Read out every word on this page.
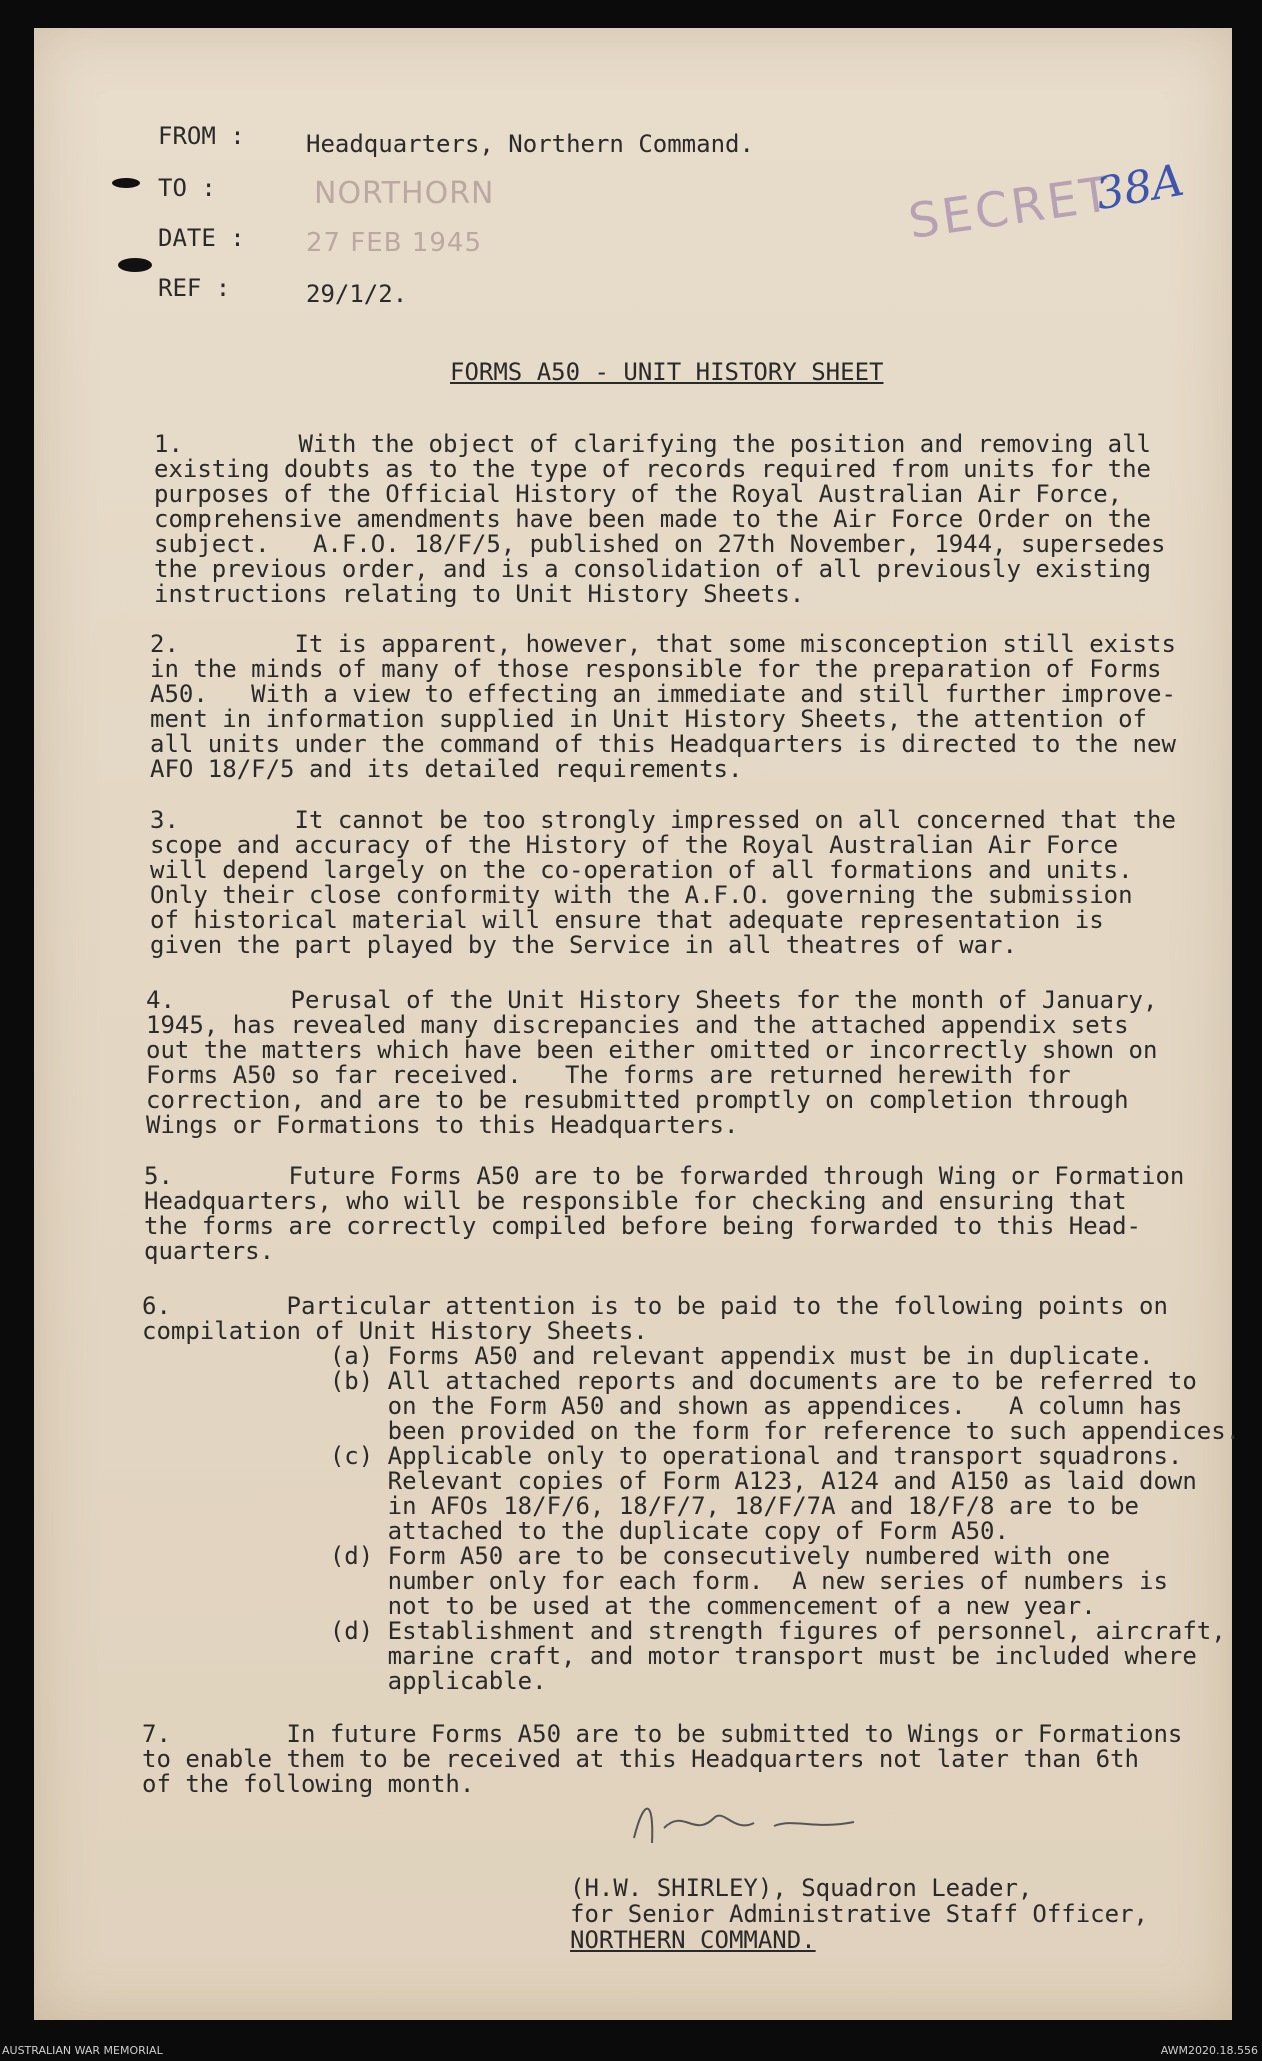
FROM :	Headquarters, Northern Command.
TO :	NORTHORN
DATE : 27 FEB 1945
REF :	29/1/2.
SECRET
38A
FORMS A50 - UNIT HISTORY SHEET
1.        With the object of clarifying the position and removing all
existing doubts as to the type of records required from units for the
purposes of the Official History of the Royal Australian Air Force,
comprehensive amendments have been made to the Air Force Order on the
subject.   A.F.O. 18/F/5, published on 27th November, 1944, supersedes
the previous order, and is a consolidation of all previously existing
instructions relating to Unit History Sheets.
2.        It is apparent, however, that some misconception still exists
in the minds of many of those responsible for the preparation of Forms
A50.   With a view to effecting an immediate and still further improve-
ment in information supplied in Unit History Sheets, the attention of
all units under the command of this Headquarters is directed to the new
AFO 18/F/5 and its detailed requirements.
3.        It cannot be too strongly impressed on all concerned that the
scope and accuracy of the History of the Royal Australian Air Force
will depend largely on the co-operation of all formations and units.
Only their close conformity with the A.F.O. governing the submission
of historical material will ensure that adequate representation is
given the part played by the Service in all theatres of war.
4.        Perusal of the Unit History Sheets for the month of January,
1945, has revealed many discrepancies and the attached appendix sets
out the matters which have been either omitted or incorrectly shown on
Forms A50 so far received.   The forms are returned herewith for
correction, and are to be resubmitted promptly on completion through
Wings or Formations to this Headquarters.
5.        Future Forms A50 are to be forwarded through Wing or Formation
Headquarters, who will be responsible for checking and ensuring that
the forms are correctly compiled before being forwarded to this Head-
quarters.
6.        Particular attention is to be paid to the following points on
compilation of Unit History Sheets.
(a) Forms A50 and relevant appendix must be in duplicate.
(b) All attached reports and documents are to be referred to
on the Form A50 and shown as appendices.   A column has
been provided on the form for reference to such appendices.
(c) Applicable only to operational and transport squadrons.
Relevant copies of Form A123, A124 and A150 as laid down
in AFOs 18/F/6, 18/F/7, 18/F/7A and 18/F/8 are to be
attached to the duplicate copy of Form A50.
(d) Form A50 are to be consecutively numbered with one
number only for each form.  A new series of numbers is
not to be used at the commencement of a new year.
(d) Establishment and strength figures of personnel, aircraft,
marine craft, and motor transport must be included where
applicable.
7.        In future Forms A50 are to be submitted to Wings or Formations
to enable them to be received at this Headquarters not later than 6th
of the following month.
(H.W. SHIRLEY), Squadron Leader,
for Senior Administrative Staff Officer,
NORTHERN COMMAND.
AUSTRALIAN WAR MEMORIAL	AWM2020.18.556
